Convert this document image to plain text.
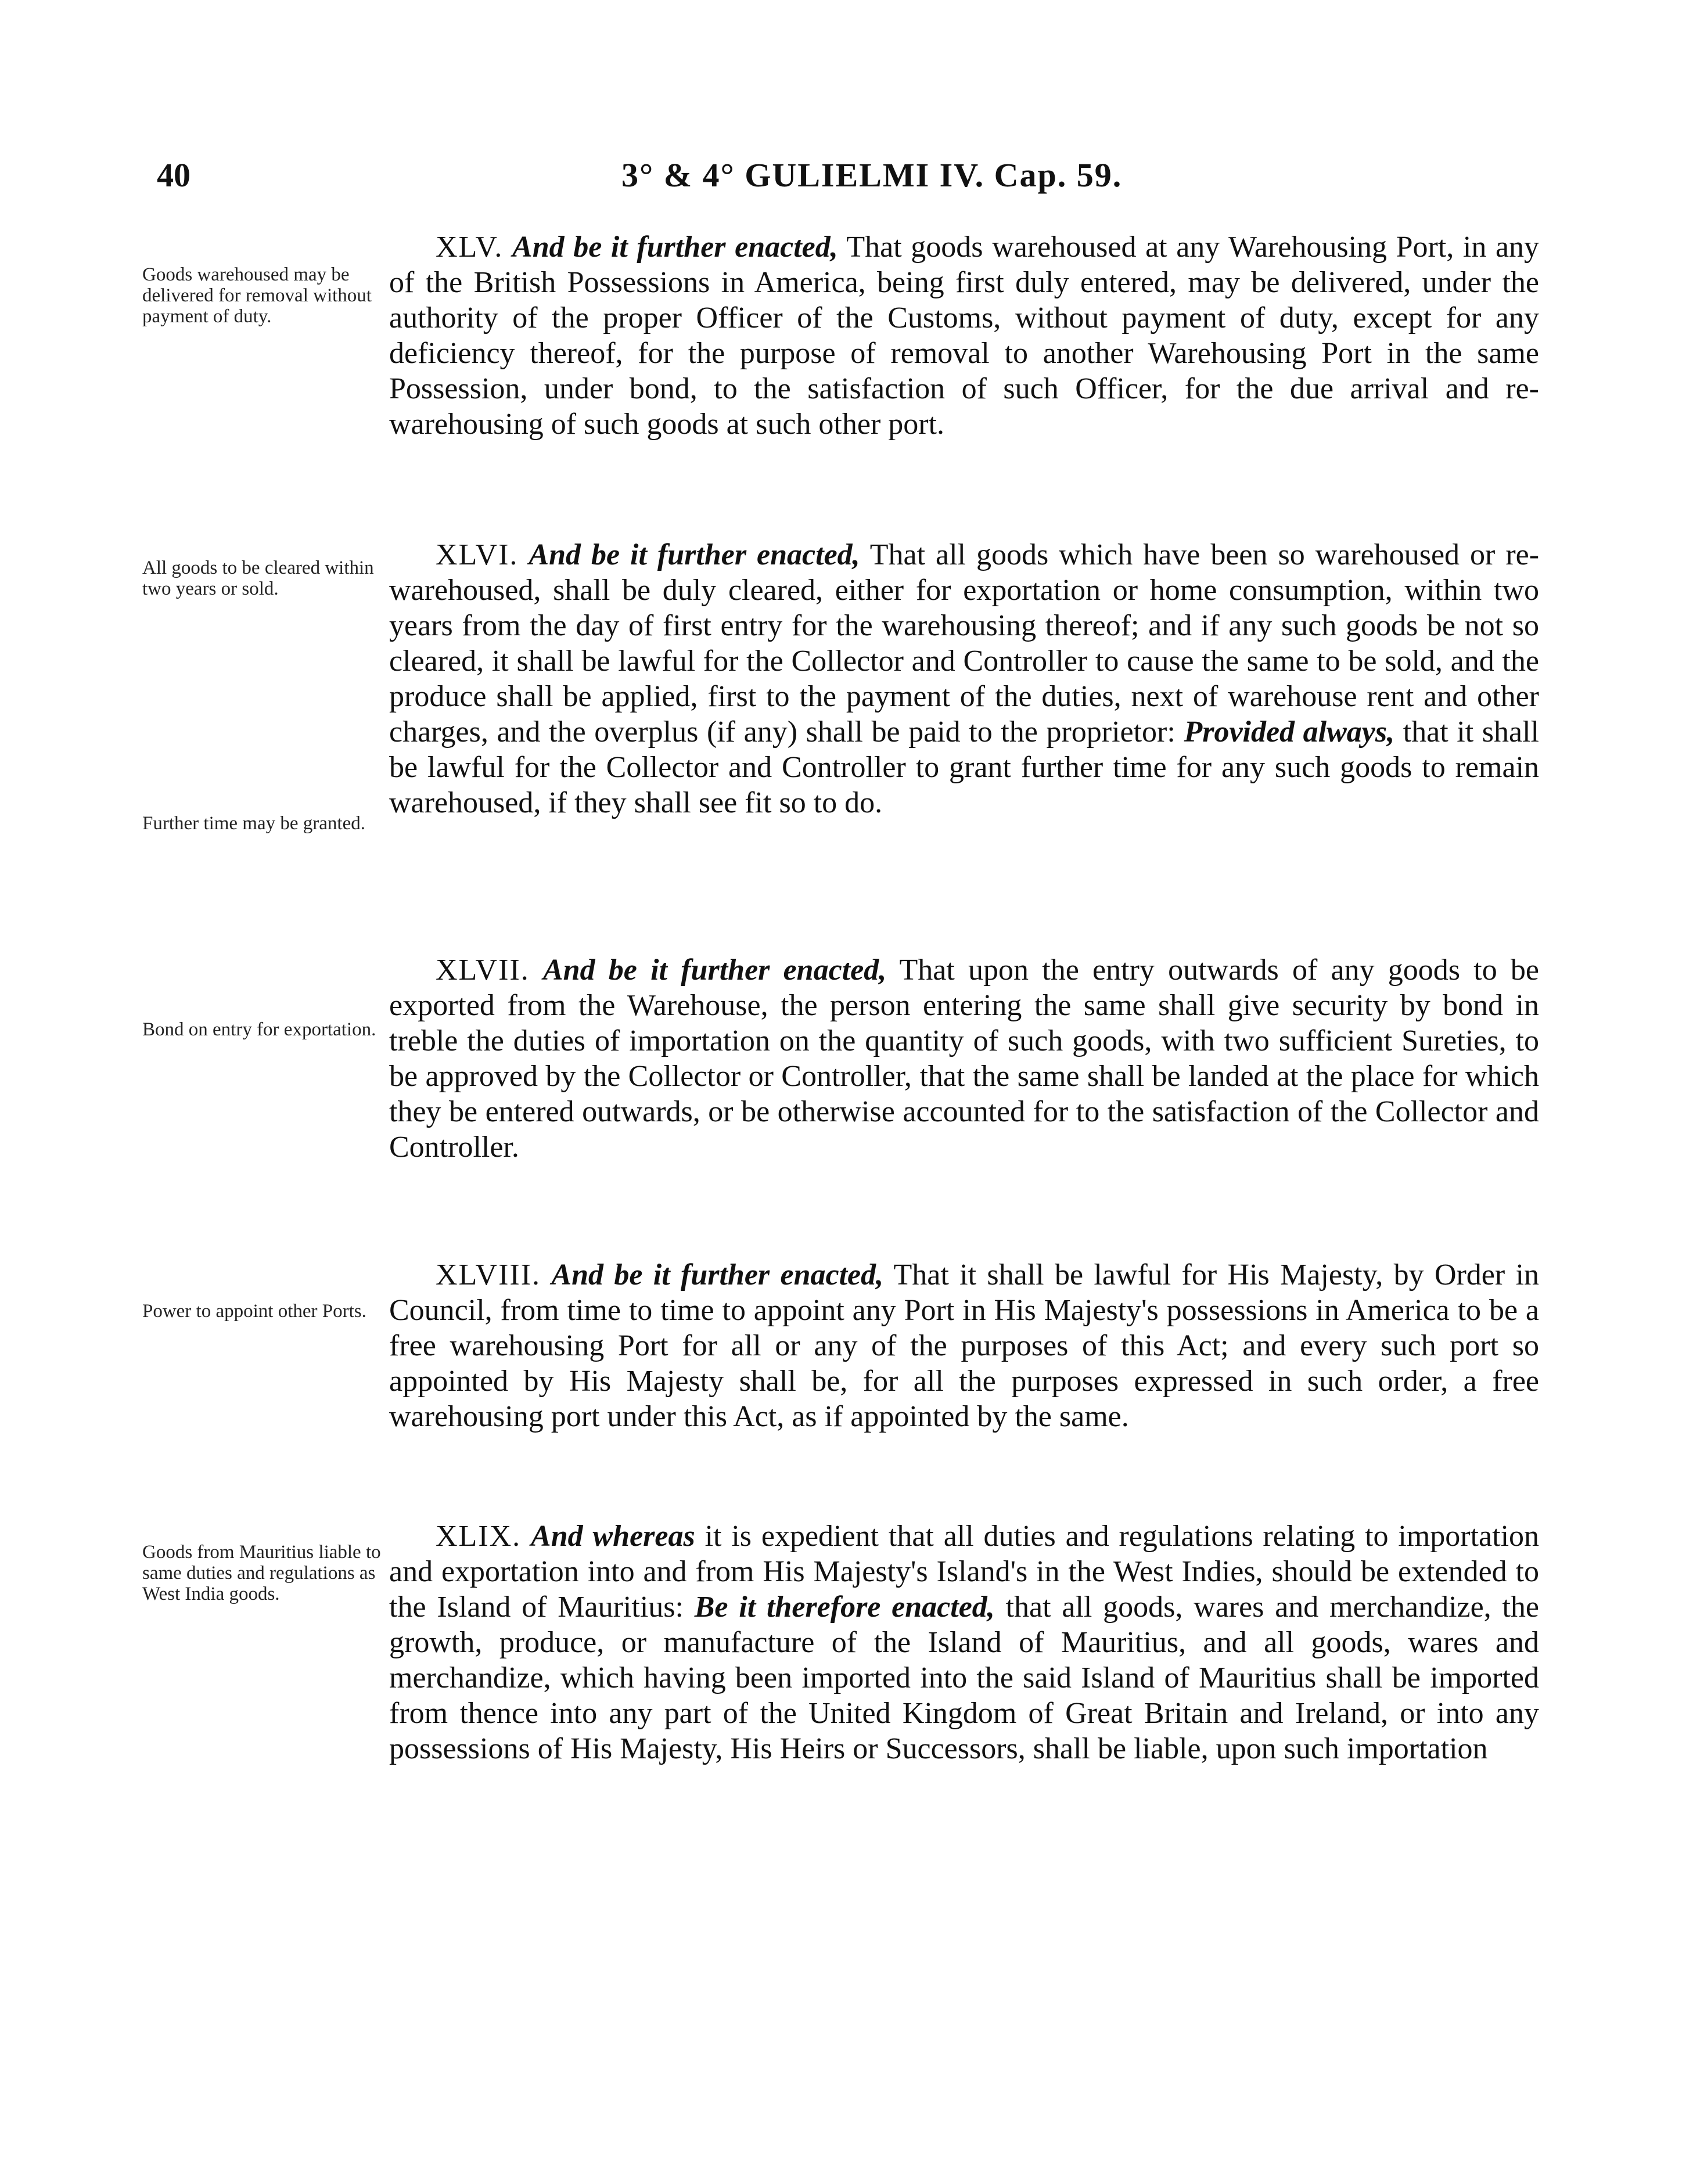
40	3° & 4° GULIELMI IV. Cap. 59.
Goods warehoused may be delivered for removal without payment of duty.
XLV. And be it further enacted, That goods warehoused at any Warehousing Port, in any of the British Possessions in America, being first duly entered, may be delivered, under the authority of the proper Officer of the Customs, without payment of duty, except for any deficiency thereof, for the purpose of removal to another Warehousing Port in the same Possession, under bond, to the satisfaction of such Officer, for the due arrival and re-warehousing of such goods at such other port.
All goods to be cleared within two years or sold.
Further time may be granted.
XLVI. And be it further enacted, That all goods which have been so warehoused or re-warehoused, shall be duly cleared, either for exportation or home consumption, within two years from the day of first entry for the warehousing thereof; and if any such goods be not so cleared, it shall be lawful for the Collector and Controller to cause the same to be sold, and the produce shall be applied, first to the payment of the duties, next of warehouse rent and other charges, and the overplus (if any) shall be paid to the proprietor: Provided always, that it shall be lawful for the Collector and Controller to grant further time for any such goods to remain warehoused, if they shall see fit so to do.
Bond on entry for exportation.
XLVII. And be it further enacted, That upon the entry outwards of any goods to be exported from the Warehouse, the person entering the same shall give security by bond in treble the duties of importation on the quantity of such goods, with two sufficient Sureties, to be approved by the Collector or Controller, that the same shall be landed at the place for which they be entered outwards, or be otherwise accounted for to the satisfaction of the Collector and Controller.
Power to appoint other Ports.
XLVIII. And be it further enacted, That it shall be lawful for His Majesty, by Order in Council, from time to time to appoint any Port in His Majesty's possessions in America to be a free warehousing Port for all or any of the purposes of this Act; and every such port so appointed by His Majesty shall be, for all the purposes expressed in such order, a free warehousing port under this Act, as if appointed by the same.
Goods from Mauritius liable to same duties and regulations as West India goods.
XLIX. And whereas it is expedient that all duties and regulations relating to importation and exportation into and from His Majesty's Island's in the West Indies, should be extended to the Island of Mauritius: Be it therefore enacted, that all goods, wares and merchandize, the growth, produce, or manufacture of the Island of Mauritius, and all goods, wares and merchandize, which having been imported into the said Island of Mauritius shall be imported from thence into any part of the United Kingdom of Great Britain and Ireland, or into any possessions of His Majesty, His Heirs or Successors, shall be liable, upon such importation
